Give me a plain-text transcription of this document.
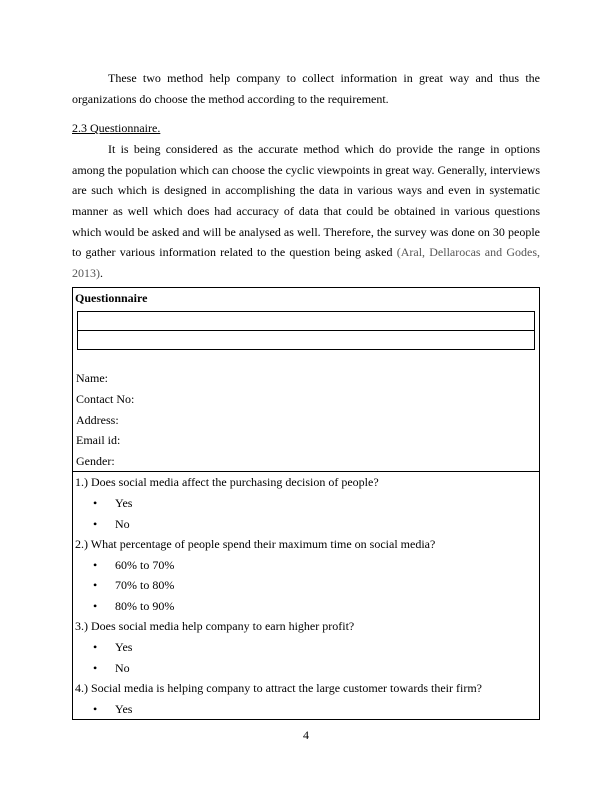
These two method help company to collect information in great way and thus the organizations do choose the method according to the requirement.

2.3 Questionnaire.

It is being considered as the accurate method which do provide the range in options among the population which can choose the cyclic viewpoints in great way. Generally, interviews are such which is designed in accomplishing the data in various ways and even in systematic manner as well which does had accuracy of data that could be obtained in various questions which would be asked and will be analysed as well. Therefore, the survey was done on 30 people to gather various information related to the question being asked (Aral, Dellarocas and Godes, 2013).

Questionnaire
Name:
Contact No:
Address:
Email id:
Gender:
1.) Does social media affect the purchasing decision of people?
• Yes
• No
2.) What percentage of people spend their maximum time on social media?
• 60% to 70%
• 70% to 80%
• 80% to 90%
3.) Does social media help company to earn higher profit?
• Yes
• No
4.) Social media is helping company to attract the large customer towards their firm?
• Yes
4
